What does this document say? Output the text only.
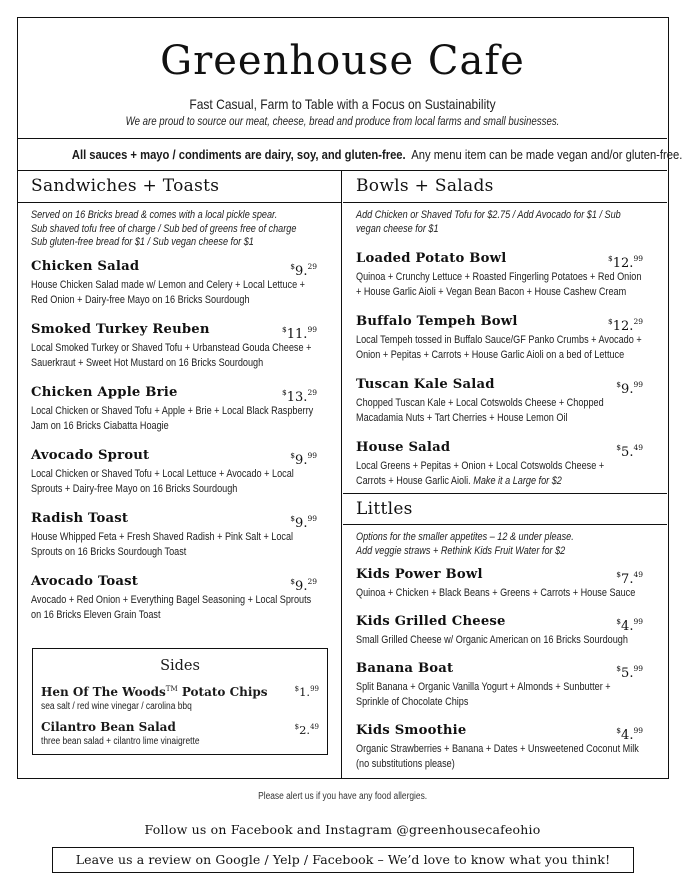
Greenhouse Cafe
Fast Casual, Farm to Table with a Focus on Sustainability
We are proud to source our meat, cheese, bread and produce from local farms and small businesses.
All sauces + mayo / condiments are dairy, soy, and gluten-free. Any menu item can be made vegan and/or gluten-free.
Sandwiches + Toasts
Served on 16 Bricks bread & comes with a local pickle spear.
Sub shaved tofu free of charge / Sub bed of greens free of charge
Sub gluten-free bread for $1 / Sub vegan cheese for $1
Chicken Salad	$9.29
House Chicken Salad made w/ Lemon and Celery + Local Lettuce +
Red Onion + Dairy-free Mayo on 16 Bricks Sourdough
Smoked Turkey Reuben	$11.99
Local Smoked Turkey or Shaved Tofu + Urbanstead Gouda Cheese +
Sauerkraut + Sweet Hot Mustard on 16 Bricks Sourdough
Chicken Apple Brie	$13.29
Local Chicken or Shaved Tofu + Apple + Brie + Local Black Raspberry
Jam on 16 Bricks Ciabatta Hoagie
Avocado Sprout	$9.99
Local Chicken or Shaved Tofu + Local Lettuce + Avocado + Local
Sprouts + Dairy-free Mayo on 16 Bricks Sourdough
Radish Toast	$9.99
House Whipped Feta + Fresh Shaved Radish + Pink Salt + Local
Sprouts on 16 Bricks Sourdough Toast
Avocado Toast	$9.29
Avocado + Red Onion + Everything Bagel Seasoning + Local Sprouts
on 16 Bricks Eleven Grain Toast
Sides
Hen Of The Woods™ Potato Chips	$1.99
sea salt / red wine vinegar / carolina bbq
Cilantro Bean Salad	$2.49
three bean salad + cilantro lime vinaigrette
Bowls + Salads
Add Chicken or Shaved Tofu for $2.75 / Add Avocado for $1 / Sub
vegan cheese for $1
Loaded Potato Bowl	$12.99
Quinoa + Crunchy Lettuce + Roasted Fingerling Potatoes + Red Onion
+ House Garlic Aioli + Vegan Bean Bacon + House Cashew Cream
Buffalo Tempeh Bowl	$12.29
Local Tempeh tossed in Buffalo Sauce/GF Panko Crumbs + Avocado +
Onion + Pepitas + Carrots + House Garlic Aioli on a bed of Lettuce
Tuscan Kale Salad	$9.99
Chopped Tuscan Kale + Local Cotswolds Cheese + Chopped
Macadamia Nuts + Tart Cherries + House Lemon Oil
House Salad	$5.49
Local Greens + Pepitas + Onion + Local Cotswolds Cheese +
Carrots + House Garlic Aioli. Make it a Large for $2
Littles
Options for the smaller appetites – 12 & under please.
Add veggie straws + Rethink Kids Fruit Water for $2
Kids Power Bowl	$7.49
Quinoa + Chicken + Black Beans + Greens + Carrots + House Sauce
Kids Grilled Cheese	$4.99
Small Grilled Cheese w/ Organic American on 16 Bricks Sourdough
Banana Boat	$5.99
Split Banana + Organic Vanilla Yogurt + Almonds + Sunbutter +
Sprinkle of Chocolate Chips
Kids Smoothie	$4.99
Organic Strawberries + Banana + Dates + Unsweetened Coconut Milk
(no substitutions please)
Please alert us if you have any food allergies.
Follow us on Facebook and Instagram @greenhousecafeohio
Leave us a review on Google / Yelp / Facebook – We’d love to know what you think!
